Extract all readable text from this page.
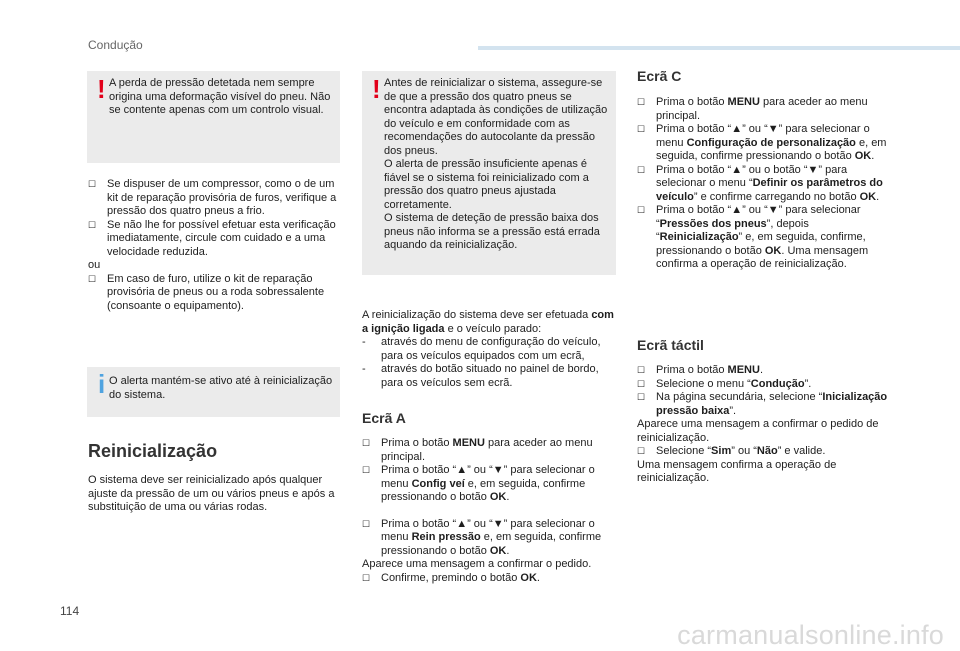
Condução
! A perda de pressão detetada nem sempre origina uma deformação visível do pneu. Não se contente apenas com um controlo visual.
☐ Se dispuser de um compressor, como o de um kit de reparação provisória de furos, verifique a pressão dos quatro pneus a frio.
☐ Se não lhe for possível efetuar esta verificação imediatamente, circule com cuidado e a uma velocidade reduzida.
ou
☐ Em caso de furo, utilize o kit de reparação provisória de pneus ou a roda sobressalente (consoante o equipamento).
i O alerta mantém-se ativo até à reinicialização do sistema.
Reinicialização
O sistema deve ser reinicializado após qualquer ajuste da pressão de um ou vários pneus e após a substituição de uma ou várias rodas.
! Antes de reinicializar o sistema, assegure-se de que a pressão dos quatro pneus se encontra adaptada às condições de utilização do veículo e em conformidade com as recomendações do autocolante da pressão dos pneus.
O alerta de pressão insuficiente apenas é fiável se o sistema foi reinicializado com a pressão dos quatro pneus ajustada corretamente.
O sistema de deteção de pressão baixa dos pneus não informa se a pressão está errada aquando da reinicialização.
A reinicialização do sistema deve ser efetuada com a ignição ligada e o veículo parado:
- através do menu de configuração do veículo, para os veículos equipados com um ecrã,
- através do botão situado no painel de bordo, para os veículos sem ecrã.
Ecrã A
☐ Prima o botão MENU para aceder ao menu principal.
☐ Prima o botão “▲” ou “▼” para selecionar o menu Config veí e, em seguida, confirme pressionando o botão OK.
☐ Prima o botão “▲” ou “▼” para selecionar o menu Rein pressão e, em seguida, confirme pressionando o botão OK.
Aparece uma mensagem a confirmar o pedido.
☐ Confirme, premindo o botão OK.
Ecrã C
☐ Prima o botão MENU para aceder ao menu principal.
☐ Prima o botão “▲” ou “▼” para selecionar o menu Configuração de personalização e, em seguida, confirme pressionando o botão OK.
☐ Prima o botão “▲” ou o botão “▼” para selecionar o menu “Definir os parâmetros do veículo” e confirme carregando no botão OK.
☐ Prima o botão “▲” ou “▼” para selecionar “Pressões dos pneus”, depois “Reinicialização” e, em seguida, confirme, pressionando o botão OK. Uma mensagem confirma a operação de reinicialização.
Ecrã táctil
☐ Prima o botão MENU.
☐ Selecione o menu “Condução”.
☐ Na página secundária, selecione “Inicialização pressão baixa”.
Aparece uma mensagem a confirmar o pedido de reinicialização.
☐ Selecione “Sim” ou “Não” e valide.
Uma mensagem confirma a operação de reinicialização.
114
carmanualsonline.info
